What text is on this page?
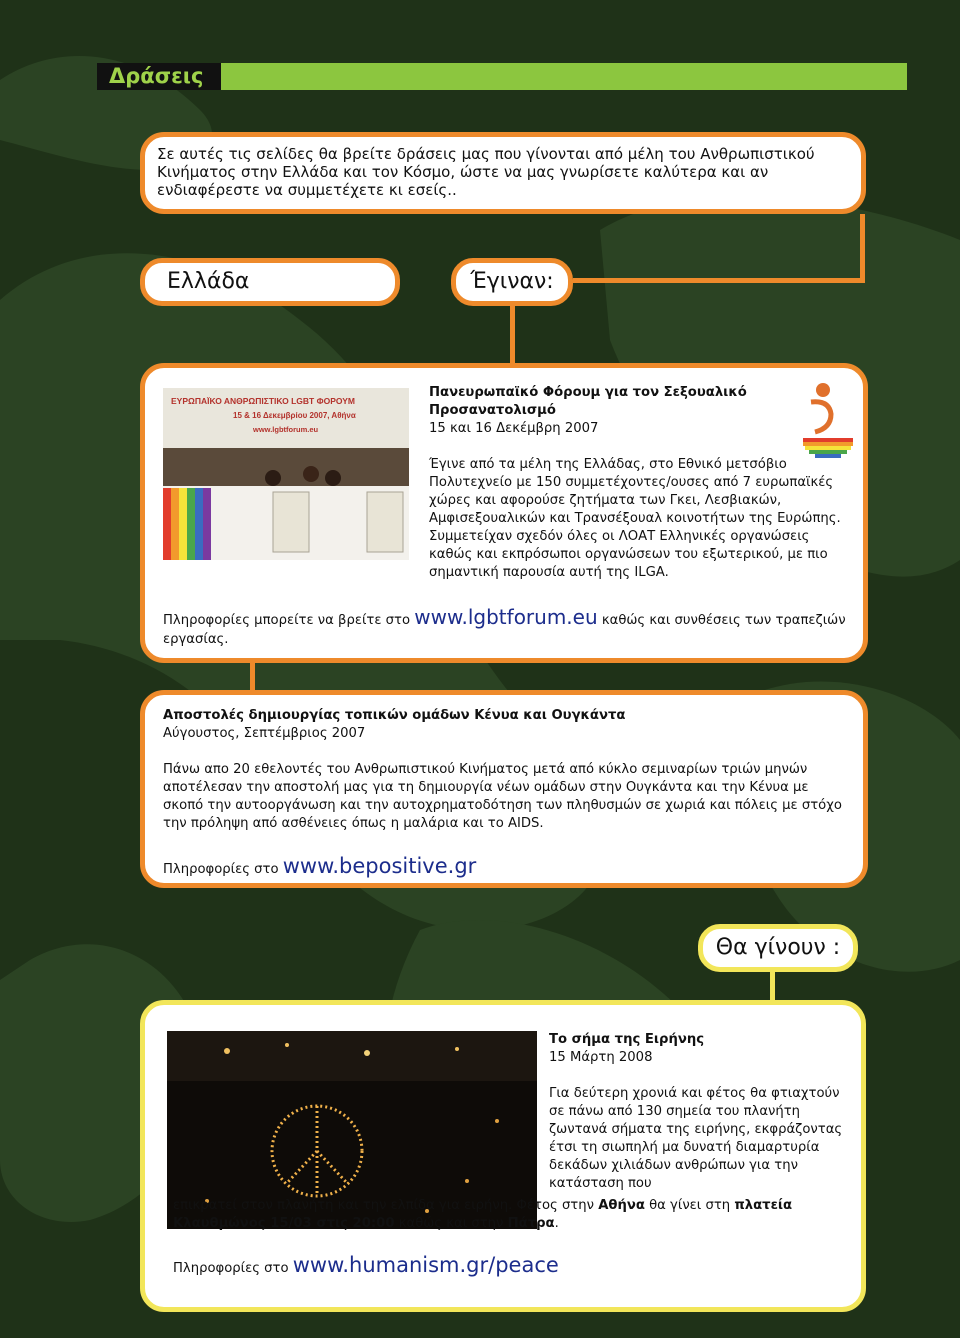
Δράσεις
Σε αυτές τις σελίδες θα βρείτε δράσεις μας που γίνονται από μέλη του Ανθρωπιστικού Κινήματος στην Ελλάδα και τον Κόσμο, ώστε να μας γνωρίσετε καλύτερα και αν ενδιαφέρεστε να συμμετέχετε κι εσείς..
Ελλάδα	Έγιναν:
ΕΥΡΩΠΑΪΚΟ ΑΝΘΡΩΠΙΣΤΙΚΟ LGBT ΦΟΡΟΥΜ
15 & 16 Δεκεμβρίου 2007, Αθήνα
www.lgbtforum.eu
Πανευρωπαϊκό Φόρουμ για τον Σεξουαλικό Προσανατολισμό
15 και 16 Δεκέμβρη 2007
Έγινε από τα μέλη της Ελλάδας, στο Εθνικό μετσόβιο Πολυτεχνείο με 150 συμμετέχοντες/ουσες από 7 ευρωπαϊκές χώρες και αφορούσε ζητήματα των Γκει, Λεσβιακών, Αμφισεξουαλικών και Τρανσέξουαλ κοινοτήτων της Ευρώπης. Συμμετείχαν σχεδόν όλες οι ΛΟΑΤ Ελληνικές οργανώσεις καθώς και εκπρόσωποι οργανώσεων του εξωτερικού, με πιο σημαντική παρουσία αυτή της ILGA.
Πληροφορίες μπορείτε να βρείτε στο www.lgbtforum.eu καθώς και συνθέσεις των τραπεζιών εργασίας.
Αποστολές δημιουργίας τοπικών ομάδων Κένυα και Ουγκάντα
Αύγουστος, Σεπτέμβριος 2007
Πάνω απο 20 εθελοντές του Ανθρωπιστικού Κινήματος μετά από κύκλο σεμιναρίων τριών μηνών αποτέλεσαν την αποστολή μας για τη δημιουργία νέων ομάδων στην Ουγκάντα και την Κένυα με σκοπό την αυτοοργάνωση και την αυτοχρηματοδότηση των πληθυσμών σε χωριά και πόλεις με στόχο την πρόληψη από ασθένειες όπως η μαλάρια και το AIDS.
Πληροφορίες στο www.bepositive.gr
Θα γίνουν :
Το σήμα της Ειρήνης
15 Μάρτη 2008
Για δεύτερη χρονιά και φέτος θα φτιαχτούν σε πάνω από 130 σημεία του πλανήτη ζωντανά σήματα της ειρήνης, εκφράζοντας έτσι τη σιωπηλή μα δυνατή διαμαρτυρία δεκάδων χιλιάδων ανθρώπων για την κατάσταση που
επικρατεί στον πλανήτη και την ελπίδα για ειρήνη. Φέτος στην Αθήνα θα γίνει στη πλατεία Κλαυθμώνος 15/03 στις 20:00 καθώς και στην Πάτρα.
Πληροφορίες στο www.humanism.gr/peace
